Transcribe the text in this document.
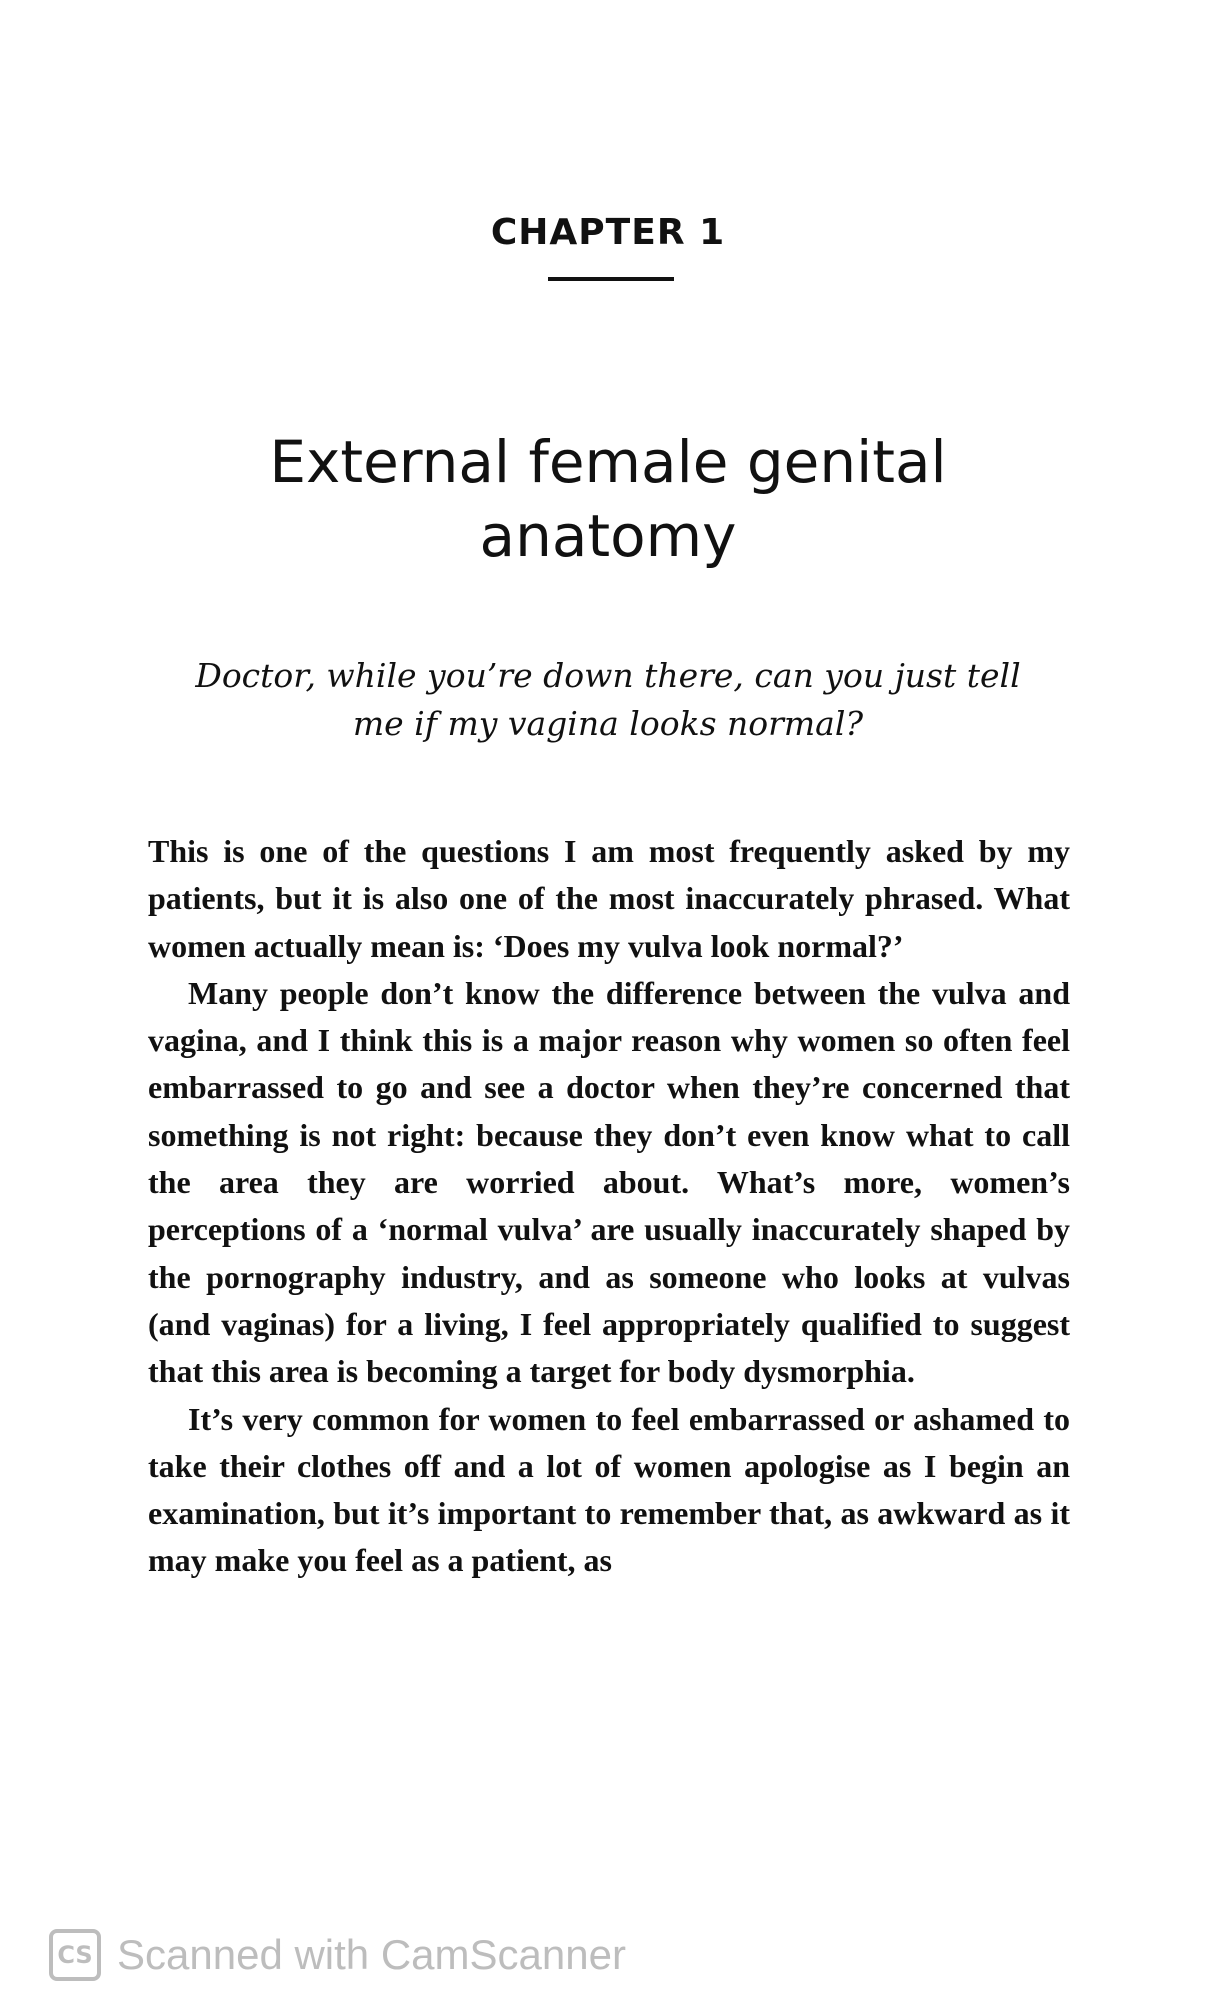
CHAPTER 1
External female genital anatomy
Doctor, while you’re down there, can you just tell me if my vagina looks normal?

This is one of the questions I am most frequently asked by my patients, but it is also one of the most inaccurately phrased. What women actually mean is: ‘Does my vulva look normal?’

Many people don’t know the difference between the vulva and vagina, and I think this is a major reason why women so often feel embarrassed to go and see a doctor when they’re concerned that something is not right: because they don’t even know what to call the area they are worried about. What’s more, women’s perceptions of a ‘normal vulva’ are usually inaccurately shaped by the pornography industry, and as someone who looks at vulvas (and vaginas) for a living, I feel appropriately qualified to suggest that this area is becoming a target for body dysmorphia.

It’s very common for women to feel embarrassed or ashamed to take their clothes off and a lot of women apologise as I begin an examination, but it’s important to remember that, as awkward as it may make you feel as a patient, as

CS Scanned with CamScanner
